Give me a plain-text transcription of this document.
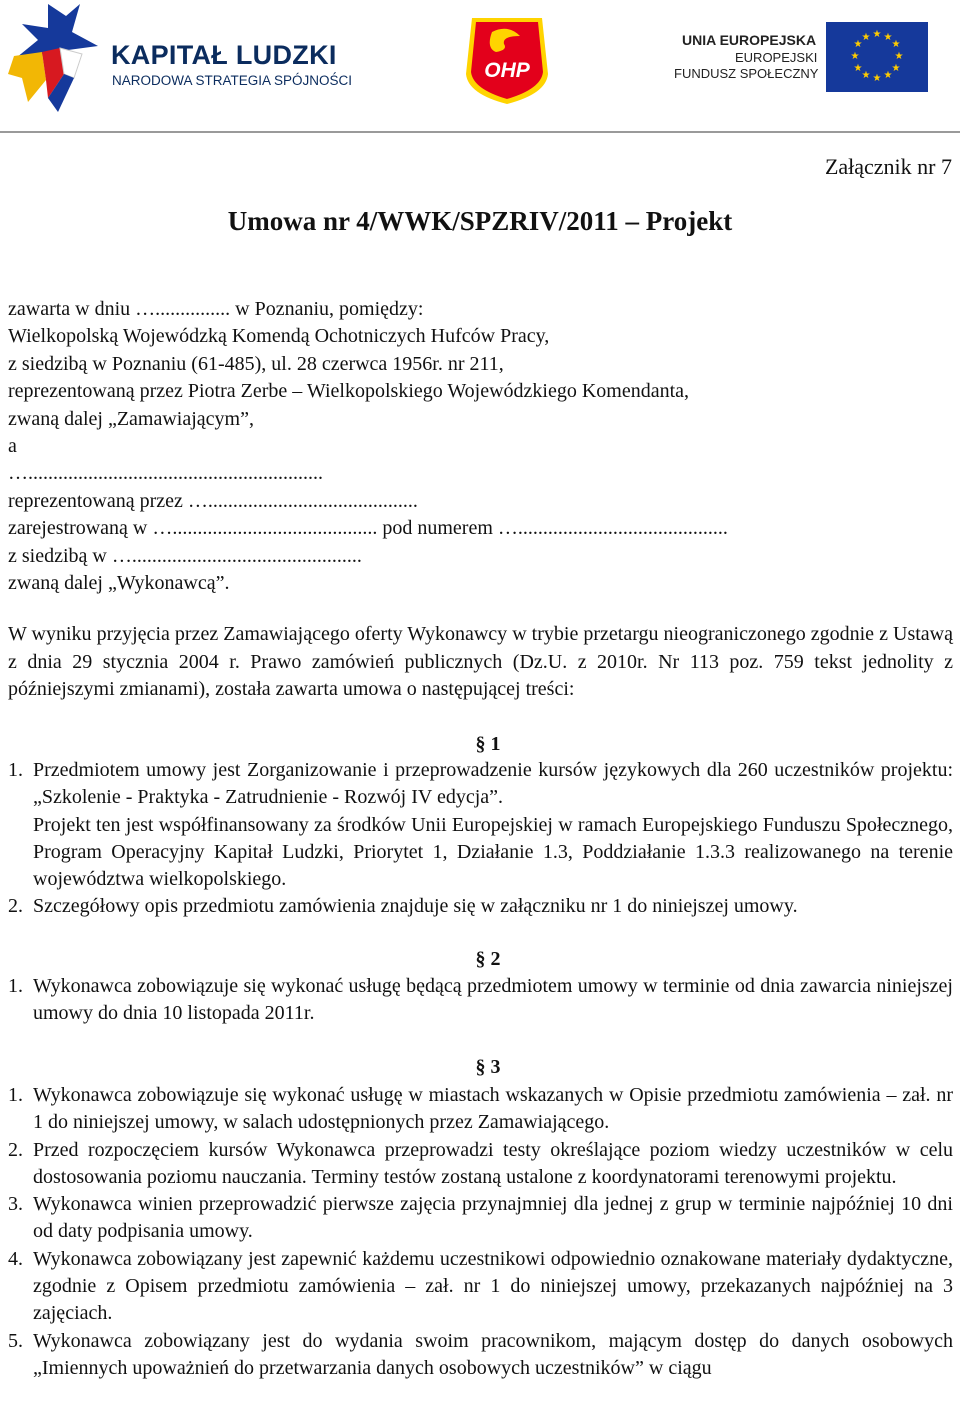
KAPITAŁ LUDZKI
NARODOWA STRATEGIA SPÓJNOŚCI	OHP
UNIA EUROPEJSKA
EUROPEJSKI
FUNDUSZ SPOŁECZNY
★ ★
★
★
★
★
★
★
★
★
★
★
Załącznik nr 7
Umowa nr 4/WWK/SPZRIV/2011 – Projekt
zawarta w dniu …............... w Poznaniu, pomiędzy:
Wielkopolską Wojewódzką Komendą Ochotniczych Hufców Pracy,
z siedzibą w Poznaniu (61-485), ul. 28 czerwca 1956r. nr 211,
reprezentowaną przez Piotra Zerbe – Wielkopolskiego Wojewódzkiego Komendanta,
zwaną dalej „Zamawiającym”,
a
…...........................................................
reprezentowaną przez …..........................................
zarejestrowaną w …......................................... pod numerem …..........................................
z siedzibą w …..............................................
zwaną dalej „Wykonawcą”.
W wyniku przyjęcia przez Zamawiającego oferty Wykonawcy w trybie przetargu nieograniczonego zgodnie z Ustawą z dnia 29 stycznia 2004 r. Prawo zamówień publicznych (Dz.U. z 2010r. Nr 113 poz. 759 tekst jednolity z późniejszymi zmianami), została zawarta umowa o następującej treści:
§ 1
1. Przedmiotem umowy jest Zorganizowanie i przeprowadzenie kursów językowych dla 260 uczestników projektu: „Szkolenie - Praktyka - Zatrudnienie - Rozwój IV edycja”.
Projekt ten jest współfinansowany za środków Unii Europejskiej w ramach Europejskiego Funduszu Społecznego, Program Operacyjny Kapitał Ludzki, Priorytet 1, Działanie 1.3, Poddziałanie 1.3.3 realizowanego na terenie województwa wielkopolskiego.
2. Szczegółowy opis przedmiotu zamówienia znajduje się w załączniku nr 1 do niniejszej umowy.
§ 2
1. Wykonawca zobowiązuje się wykonać usługę będącą przedmiotem umowy w terminie od dnia zawarcia niniejszej umowy do dnia 10 listopada 2011r.
§ 3
1. Wykonawca zobowiązuje się wykonać usługę w miastach wskazanych w Opisie przedmiotu zamówienia – zał. nr 1 do niniejszej umowy, w salach udostępnionych przez Zamawiającego.
2. Przed rozpoczęciem kursów Wykonawca przeprowadzi testy określające poziom wiedzy uczestników w celu dostosowania poziomu nauczania. Terminy testów zostaną ustalone z koordynatorami terenowymi projektu.
3. Wykonawca winien przeprowadzić pierwsze zajęcia przynajmniej dla jednej z grup w terminie najpóźniej 10 dni od daty podpisania umowy.
4. Wykonawca zobowiązany jest zapewnić każdemu uczestnikowi odpowiednio oznakowane materiały dydaktyczne, zgodnie z Opisem przedmiotu zamówienia – zał. nr 1 do niniejszej umowy, przekazanych najpóźniej na 3 zajęciach.
5. Wykonawca zobowiązany jest do wydania swoim pracownikom, mającym dostęp do danych osobowych „Imiennych upoważnień do przetwarzania danych osobowych uczestników” w ciągu
